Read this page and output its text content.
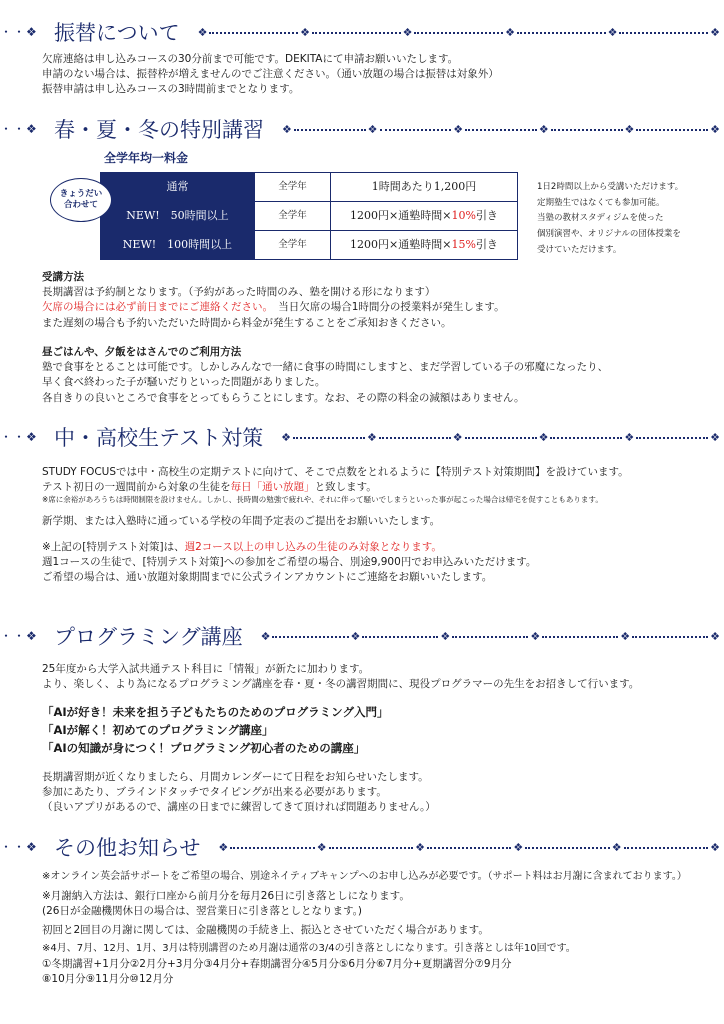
・・❖ 振替について ❖	❖	❖	❖	❖	❖
欠席連絡は申し込みコースの30分前まで可能です。DEKITAにて申請お願いいたします。
申請のない場合は、振替枠が増えませんのでご注意ください。（通い放題の場合は振替は対象外）
振替申請は申し込みコースの3時間前までとなります。
・・❖ 春・夏・冬の特別講習 ❖	❖	❖	❖	❖	❖
全学年均一料金
通常	全学年	1時間あたり1,200円
NEW!　50時間以上	全学年	1200円×通塾時間×10%引き
NEW!　100時間以上	全学年	1200円×通塾時間×15%引き
きょうだい
合わせて
1日2時間以上から受講いただけます。
定期塾生ではなくても参加可能。
当塾の教材スタディジムを使った
個別演習や、オリジナルの団体授業を
受けていただけます。
受講方法
長期講習は予約制となります。（予約があった時間のみ、塾を開ける形になります）
欠席の場合には必ず前日までにご連絡ください。　当日欠席の場合1時間分の授業料が発生します。
また遅刻の場合も予約いただいた時間から料金が発生することをご承知おきください。
昼ごはんや、夕飯をはさんでのご利用方法
塾で食事をとることは可能です。しかしみんなで一緒に食事の時間にしますと、まだ学習している子の邪魔になったり、
早く食べ終わった子が騒いだりといった問題がありました。
各自きりの良いところで食事をとってもらうことにします。なお、その際の料金の減額はありません。
・・❖ 中・高校生テスト対策 ❖	❖	❖	❖	❖	❖
STUDY FOCUSでは中・高校生の定期テストに向けて、そこで点数をとれるように【特別テスト対策期間】を設けています。
テスト初日の一週間前から対象の生徒を毎日「通い放題」と致します。
※席に余裕があろうちは時間制限を設けません。しかし、長時間の勉強で疲れや、それに伴って騒いでしまうといった事が起こった場合は帰宅を促すこともあります。
新学期、または入塾時に通っている学校の年間予定表のご提出をお願いいたします。
※上記の[特別テスト対策]は、週2コース以上の申し込みの生徒のみ対象となります。
週1コースの生徒で、[特別テスト対策]への参加をご希望の場合、別途9,900円でお申込みいただけます。
ご希望の場合は、通い放題対象期間までに公式ラインアカウントにご連絡をお願いいたします。
・・❖ プログラミング講座 ❖	❖	❖	❖	❖	❖
25年度から大学入試共通テスト科目に「情報」が新たに加わります。
より、楽しく、より為になるプログラミング講座を春・夏・冬の講習期間に、現役プログラマーの先生をお招きして行います。
「AIが好き！未来を担う子どもたちのためのプログラミング入門」
「AIが解く！初めてのプログラミング講座」
「AIの知識が身につく！プログラミング初心者のための講座」
長期講習期が近くなりましたら、月間カレンダーにて日程をお知らせいたします。
参加にあたり、ブラインドタッチでタイピングが出来る必要があります。
（良いアプリがあるので、講座の日までに練習してきて頂ければ問題ありません。）
・・❖ その他お知らせ ❖	❖	❖	❖	❖	❖
※オンライン英会話サポートをご希望の場合、別途ネイティブキャンプへのお申し込みが必要です。（サポート料はお月謝に含まれております。）
※月謝納入方法は、銀行口座から前月分を毎月26日に引き落としになります。
(26日が金融機関休日の場合は、翌営業日に引き落としとなります。)
初回と2回目の月謝に関しては、金融機関の手続き上、振込とさせていただく場合があります。
※4月、7月、12月、1月、3月は特別講習のため月謝は通常の3/4の引き落としになります。引き落としは年10回です。
①冬期講習+1月分②2月分+3月分③4月分+春期講習分④5月分⑤6月分⑥7月分+夏期講習分⑦9月分
⑧10月分⑨11月分⑩12月分
